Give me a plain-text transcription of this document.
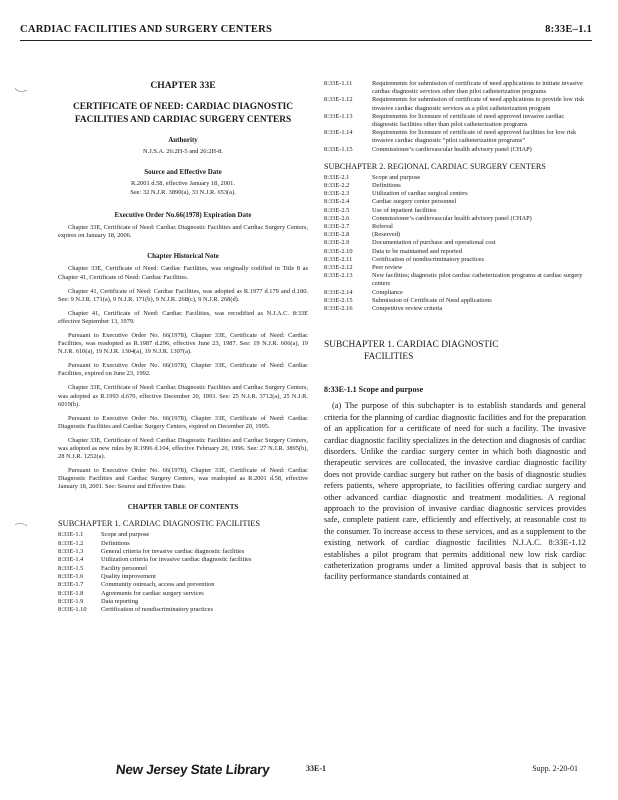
CARDIAC FACILITIES AND SURGERY CENTERS	8:33E–1.1
CHAPTER 33E
CERTIFICATE OF NEED: CARDIAC DIAGNOSTIC FACILITIES AND CARDIAC SURGERY CENTERS
Authority
N.J.S.A. 26:2H-5 and 26:2H-8.
Source and Effective Date
R.2001 d.58, effective January 18, 2001.
See: 32 N.J.R. 3890(a), 33 N.J.R. 653(a).
Executive Order No.66(1978) Expiration Date

Chapter 33E, Certificate of Need: Cardiac Diagnostic Facilities and Cardiac Surgery Centers, expires on January 18, 2006.

Chapter Historical Note

Chapter 33E, Certificate of Need: Cardiac Facilities, was originally codified in Title 8 as Chapter 41, Certificate of Need: Cardiac Facilities.

Chapter 41, Certificate of Need: Cardiac Facilities, was adopted as R.1977 d.179 and d.180. See: 9 N.J.R. 171(a), 9 N.J.R. 171(b), 9 N.J.R. 268(c), 9 N.J.R. 268(d).

Chapter 41, Certificate of Need: Cardiac Facilities, was recodified as N.J.A.C. 8:33E effective September 13, 1979.

Pursuant to Executive Order No. 66(1978), Chapter 33E, Certificate of Need: Cardiac Facilities, was readopted as R.1987 d.296, effective June 23, 1987. See: 19 N.J.R. 606(a), 19 N.J.R. 610(a), 19 N.J.R. 1304(a), 19 N.J.R. 1307(a).

Pursuant to Executive Order No. 66(1978), Chapter 33E, Certificate of Need: Cardiac Facilities, expired on June 23, 1992.

Chapter 33E, Certificate of Need: Cardiac Diagnostic Facilities and Cardiac Surgery Centers, was adopted as R.1993 d.670, effective December 20, 1993. See: 25 N.J.R. 3712(a), 25 N.J.R. 6019(b).

Pursuant to Executive Order No. 66(1978), Chapter 33E, Certificate of Need: Cardiac Diagnostic Facilities and Cardiac Surgery Centers, expired on December 20, 1995.

Chapter 33E, Certificate of Need: Cardiac Diagnostic Facilities and Cardiac Surgery Centers, was adopted as new rules by R.1996 d.104, effective February 20, 1996. See: 27 N.J.R. 3895(b), 28 N.J.R. 1252(a).

Pursuant to Executive Order No. 66(1978), Chapter 33E, Certificate of Need: Cardiac Diagnostic Facilities and Cardiac Surgery Centers, was readopted as R.2001 d.58, effective January 18, 2001. See: Source and Effective Date.

CHAPTER TABLE OF CONTENTS
SUBCHAPTER 1. CARDIAC DIAGNOSTIC FACILITIES
8:33E-1.1	Scope and purpose
8:33E-1.2	Definitions
8:33E-1.3	General criteria for invasive cardiac diagnostic facilities
8:33E-1.4	Utilization criteria for invasive cardiac diagnostic facilities
8:33E-1.5	Facility personnel
8:33E-1.6	Quality improvement
8:33E-1.7	Community outreach, access and prevention
8:33E-1.8	Agreements for cardiac surgery services
8:33E-1.9	Data reporting
8:33E-1.10	Certification of nondiscriminatory practices
8:33E-1.11	Requirements for submission of certificate of need applications to initiate invasive cardiac diagnostic services other than pilot catheterization programs
8:33E-1.12	Requirements for submission of certificate of need applications to provide low risk invasive cardiac diagnostic services as a pilot catheterization program
8:33E-1.13	Requirements for licensure of certificate of need approved invasive cardiac diagnostic facilities other than pilot catheterization programs
8:33E-1.14	Requirements for licensure of certificate of need approved facilities for low risk invasive cardiac diagnostic “pilot catheterization programs”
8:33E-1.15	Commissioner’s cardiovascular health advisory panel (CHAP)
SUBCHAPTER 2. REGIONAL CARDIAC SURGERY CENTERS
8:33E-2.1	Scope and purpose
8:33E-2.2	Definitions
8:33E-2.3	Utilization of cardiac surgical centers
8:33E-2.4	Cardiac surgery center personnel
8:33E-2.5	Use of inpatient facilities
8:33E-2.6	Commissioner’s cardiovascular health advisory panel (CHAP)
8:33E-2.7	Referral
8:33E-2.8	(Reserved)
8:33E-2.9	Documentation of purchase and operational cost
8:33E-2.10	Data to be maintained and reported
8:33E-2.11	Certification of nondiscriminatory practices
8:33E-2.12	Peer review
8:33E-2.13	New facilities; diagnostic pilot cardiac catheterization programs at cardiac surgery centers
8:33E-2.14	Compliance
8:33E-2.15	Submission of Certificate of Need applications
8:33E-2.16	Competitive review criteria
SUBCHAPTER 1. CARDIAC DIAGNOSTIC
FACILITIES
8:33E-1.1 Scope and purpose

(a) The purpose of this subchapter is to establish standards and general criteria for the planning of cardiac diagnostic facilities and for the preparation of an application for a certificate of need for such a facility. The invasive cardiac diagnostic facility specializes in the detection and diagnosis of cardiac disorders. Unlike the cardiac surgery center in which both diagnostic and therapeutic services are collocated, the invasive cardiac diagnostic facility does not provide cardiac surgery but rather on the basis of diagnostic studies refers patients, where appropriate, to facilities offering cardiac surgery and other advanced cardiac diagnostic and treatment modalities. A regional approach to the provision of invasive cardiac diagnostic services provides safe, complete patient care, efficiently and effectively, at reasonable cost to the consumer. To increase access to these services, and as a supplement to the existing network of cardiac diagnostic facilities N.J.A.C. 8:33E-1.12 establishes a pilot program that permits additional new low risk cardiac catheterization programs under a limited approval basis that is subject to facility performance standards contained at

New Jersey State Library	33E-1	Supp. 2-20-01
